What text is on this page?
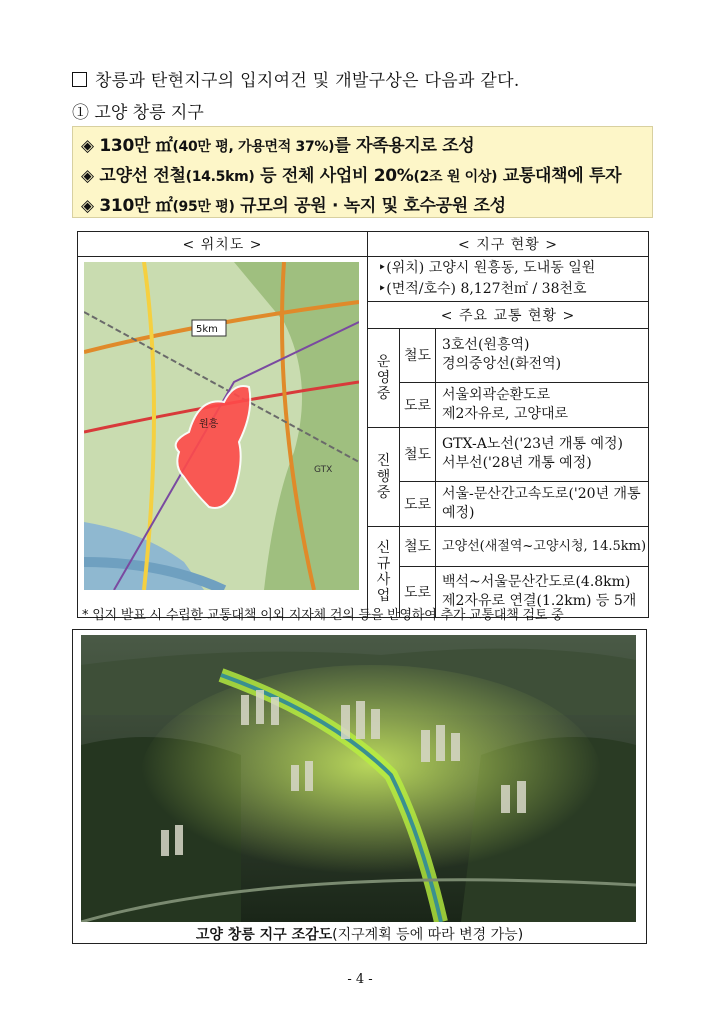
창릉과 탄현지구의 입지여건 및 개발구상은 다음과 같다.
① 고양 창릉 지구
◈ 130만 ㎡(40만 평, 가용면적 37%)를 자족용지로 조성
◈ 고양선 전철(14.5km) 등 전체 사업비 20%(2조 원 이상) 교통대책에 투자
◈ 310만 ㎡(95만 평) 규모의 공원 · 녹지 및 호수공원 조성
< 위치도 >	< 지구 현황 >		

	‣(위치) 고양시 원흥동, 도내동 일원
‣(면적/호수) 8,127천㎡ / 38천호		

	< 주요 교통 현황 >		

	운영중	철도	3호선(원흥역)
경의중앙선(화전역)

		도로	서울외곽순환도로
제2자유로, 고양대로

	진행중	철도	GTX-A노선('23년 개통 예정)
서부선('28년 개통 예정)

		도로	서울-문산간고속도로('20년 개통 예정)

	신규사업	철도	고양선(새절역~고양시청, 14.5km)

		도로	백석~서울문산간도로(4.8km)
제2자유로 연결(1.2km) 등 5개

5km
원흥
GTX
* 입지 발표 시 수립한 교통대책 이외 지자체 건의 등을 반영하여 추가 교통대책 검토 중
고양 창릉 지구 조감도(지구계획 등에 따라 변경 가능)
- 4 -
